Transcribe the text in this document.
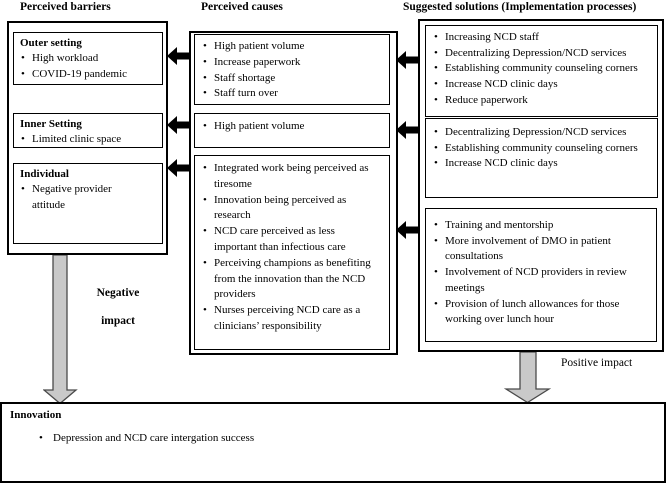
Perceived barriers	Perceived causes	Suggested solutions (Implementation processes)
Outer setting
• High workload
• COVID-19 pandemic
Inner Setting
• Limited clinic space
Individual
• Negative provider attitude
• High patient volume
• Increase paperwork
• Staff shortage
• Staff turn over
• High patient volume
• Integrated work being perceived as tiresome
• Innovation being perceived as research
• NCD care perceived as less important than infectious care
• Perceiving champions as benefiting from the innovation than the NCD providers
• Nurses perceiving NCD care as a clinicians’ responsibility
• Increasing NCD staff
• Decentralizing Depression/NCD services
• Establishing community counseling corners
• Increase NCD clinic days
• Reduce paperwork
• Decentralizing Depression/NCD services
• Establishing community counseling corners
• Increase NCD clinic days
• Training and mentorship
• More involvement of DMO in patient consultations
• Involvement of NCD providers in review meetings
• Provision of lunch allowances for those working over lunch hour
Negative
impact
Positive impact
Innovation
• Depression and NCD care intergation success
